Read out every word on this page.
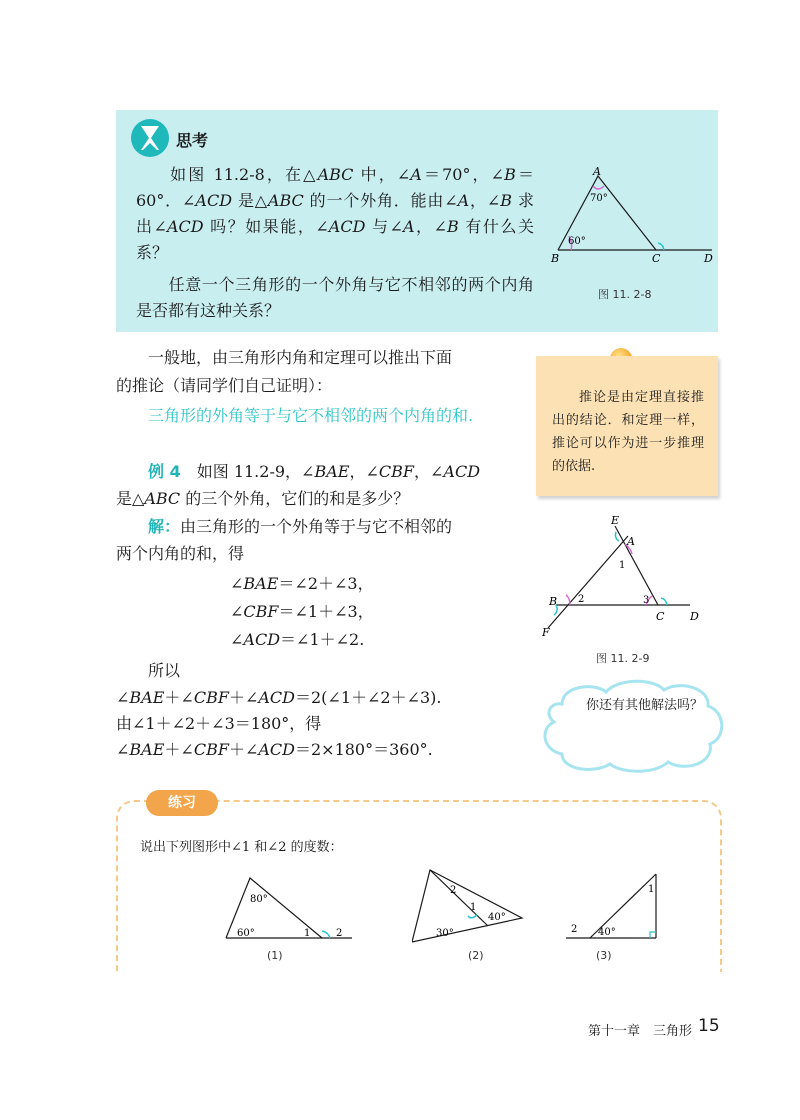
思考
如图 11.2-8，在△ABC 中，∠A＝70°，∠B＝60°．∠ACD 是△ABC 的一个外角．能由∠A，∠B 求出∠ACD 吗？如果能，∠ACD 与∠A，∠B 有什么关系？
任意一个三角形的一个外角与它不相邻的两个内角是否都有这种关系？
A
70°
60°
B	C	D
图 11. 2-8
一般地，由三角形内角和定理可以推出下面
的推论（请同学们自己证明）：
三角形的外角等于与它不相邻的两个内角的和.
推论是由定理直接推出的结论．和定理一样，推论可以作为进一步推理的依据.
例 4　 如图 11.2-9，∠BAE，∠CBF，∠ACD
是△ABC 的三个外角，它们的和是多少？
解：由三角形的一个外角等于与它不相邻的
两个内角的和，得
∠BAE＝∠2＋∠3，
∠CBF＝∠1＋∠3，
∠ACD＝∠1＋∠2.
所以
∠BAE＋∠CBF＋∠ACD＝2(∠1＋∠2＋∠3).
由∠1＋∠2＋∠3＝180°，得
∠BAE＋∠CBF＋∠ACD＝2×180°＝360°.
E
A
1
2	3
B
C D
F
图 11. 2-9
你还有其他解法吗？
练习
说出下列图形中∠1 和∠2 的度数：
80°
60°	1	2
(1)
2
1
40°
30°
(2)
1
2 40°
(3)
第十一章　三角形 15
